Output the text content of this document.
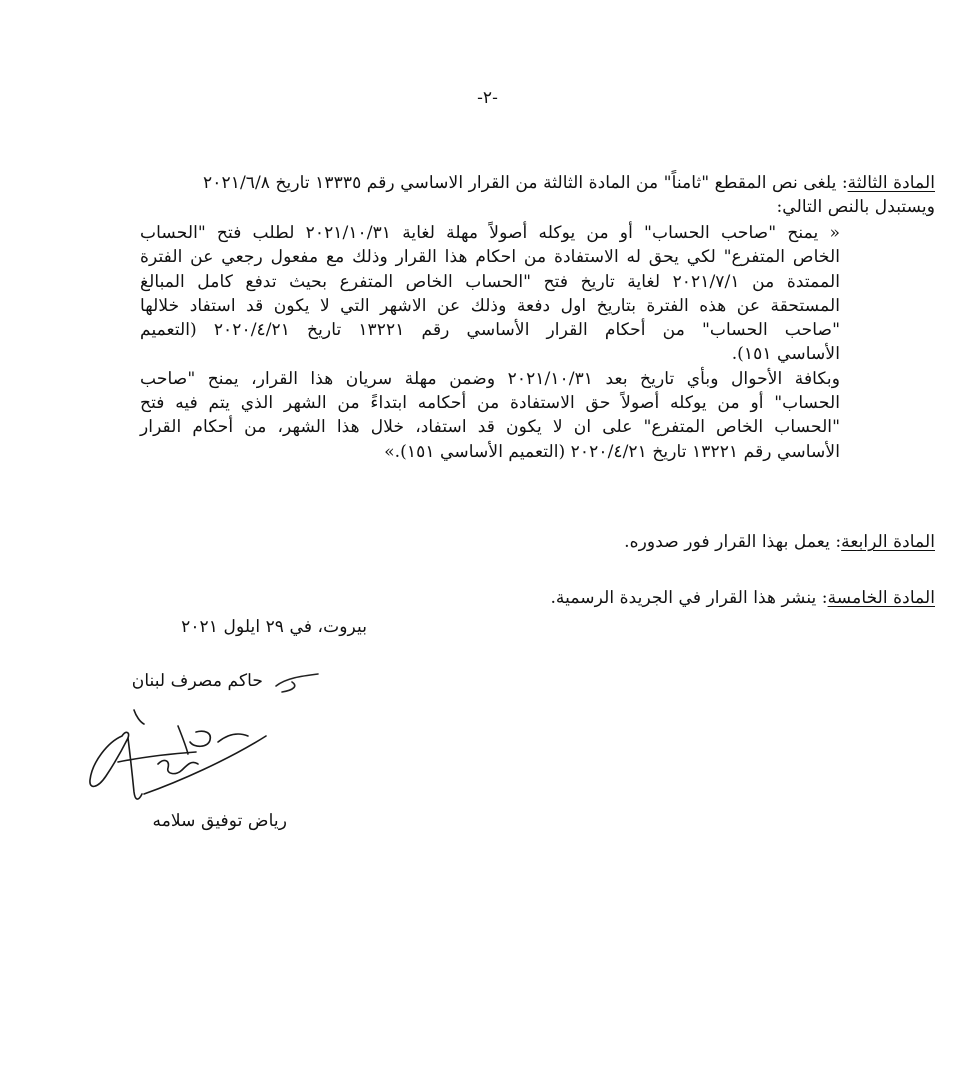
-٢-
المادة الثالثة: يلغى نص المقطع "ثامناً" من المادة الثالثة من القرار الاساسي رقم ١٣٣٣٥ تاريخ ٢٠٢١/٦/٨
ويستبدل بالنص التالي:
« يمنح "صاحب الحساب" أو من يوكله أصولاً مهلة لغاية ٢٠٢١/١٠/٣١ لطلب فتح "الحساب
الخاص المتفرع" لكي يحق له الاستفادة من احكام هذا القرار وذلك مع مفعول رجعي عن الفترة
الممتدة من ٢٠٢١/٧/١ لغاية تاريخ فتح "الحساب الخاص المتفرع بحيث تدفع كامل المبالغ
المستحقة عن هذه الفترة بتاريخ اول دفعة وذلك عن الاشهر التي لا يكون قد استفاد خلالها
"صاحب الحساب" من أحكام القرار الأساسي رقم ١٣٢٢١ تاريخ ٢٠٢٠/٤/٢١ (التعميم
الأساسي ١٥١).
وبكافة الأحوال وبأي تاريخ بعد ٢٠٢١/١٠/٣١ وضمن مهلة سريان هذا القرار، يمنح "صاحب
الحساب" أو من يوكله أصولاً حق الاستفادة من أحكامه ابتداءً من الشهر الذي يتم فيه فتح
"الحساب الخاص المتفرع" على ان لا يكون قد استفاد، خلال هذا الشهر، من أحكام القرار
الأساسي رقم ١٣٢٢١ تاريخ ٢٠٢٠/٤/٢١ (التعميم الأساسي ١٥١).»
المادة الرابعة: يعمل بهذا القرار فور صدوره.
المادة الخامسة: ينشر هذا القرار في الجريدة الرسمية.
بيروت، في ٢٩ ايلول ٢٠٢١
حاكم مصرف لبنان
رياض توفيق سلامه
